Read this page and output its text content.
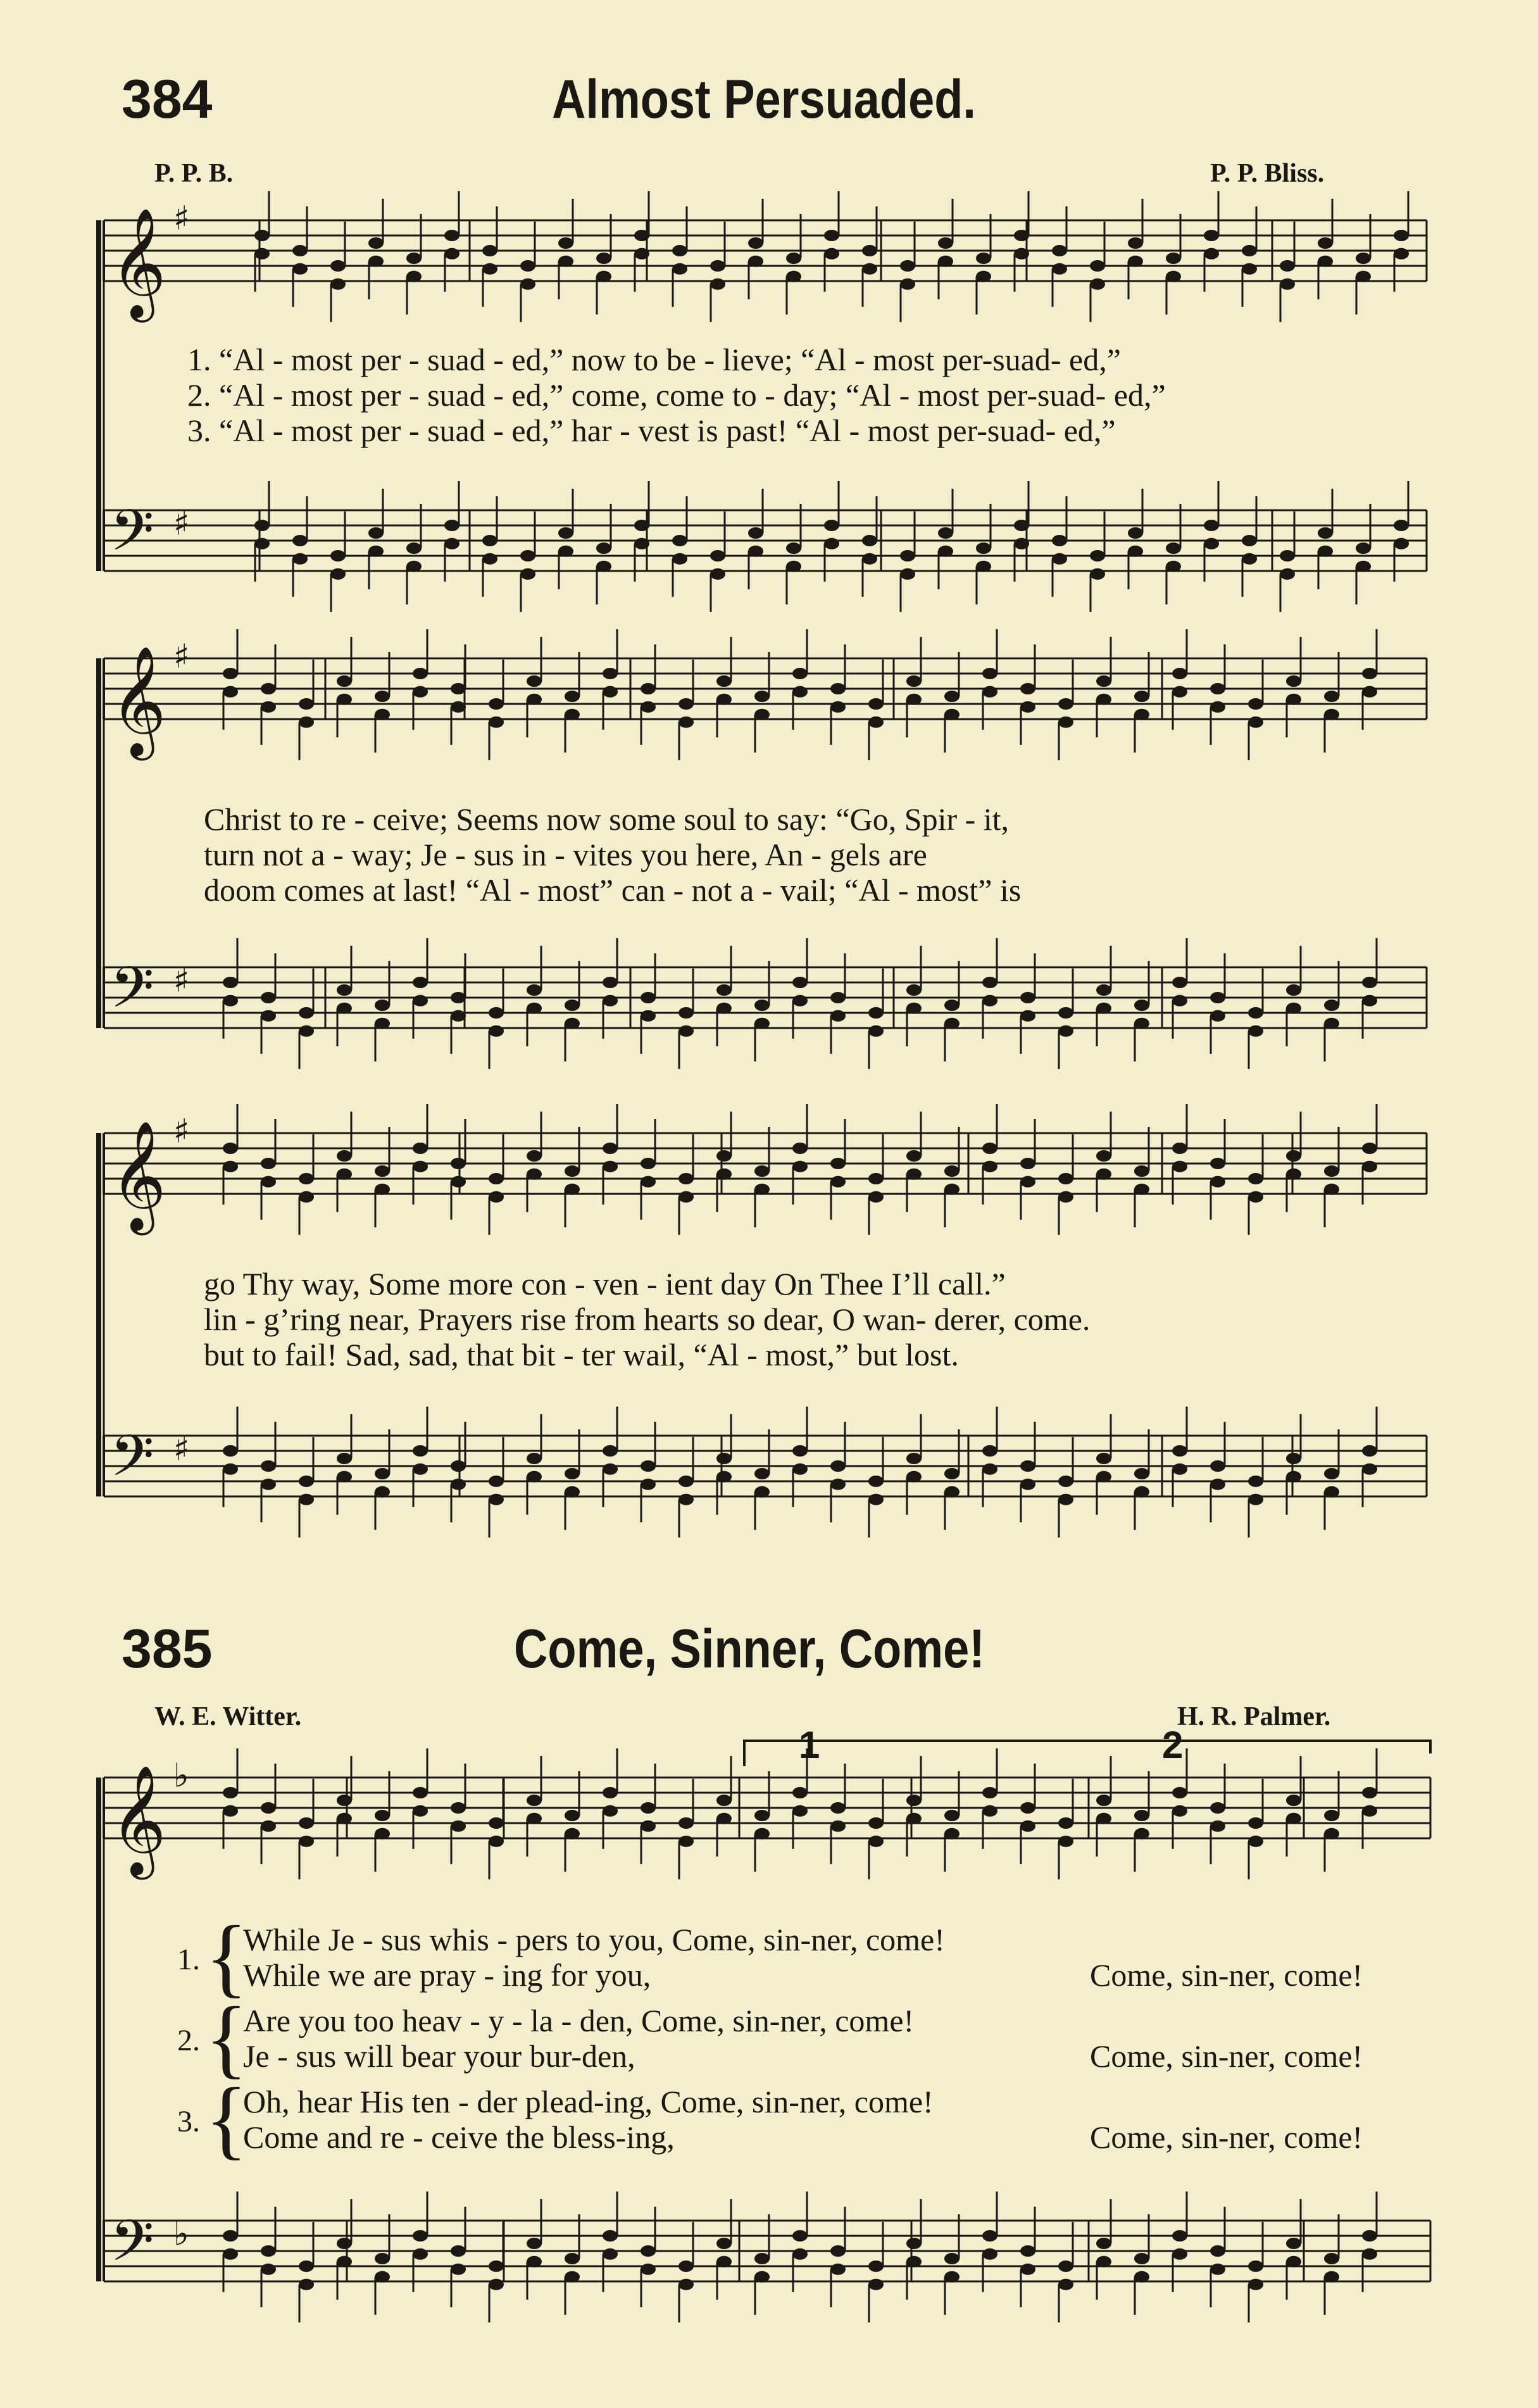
384	Almost Persuaded.
P. P. B.	P. P. Bliss.
𝄞 ♯
𝄢 ♯
𝄞 ♯
𝄢 ♯
𝄞 ♯
𝄢 ♯
𝄞 ♭
𝄢 ♭
1. “Al - most per - suad - ed,” now to be - lieve; “Al - most per-suad- ed,”
2. “Al - most per - suad - ed,” come, come to - day; “Al - most per-suad- ed,”
3. “Al - most per - suad - ed,” har - vest is past! “Al - most per-suad- ed,”
Christ to re - ceive; Seems now some soul to say: “Go, Spir - it,
turn not a - way; Je - sus in - vites you here, An - gels are
doom comes at last! “Al - most” can - not a - vail; “Al - most” is
go Thy way, Some more con - ven - ient day On Thee I’ll call.”
lin - g’ring near, Prayers rise from hearts so dear, O wan- derer, come.
but to fail! Sad, sad, that bit - ter wail, “Al - most,” but lost.
385	Come, Sinner, Come!
W. E. Witter.	H. R. Palmer.
1	2
1. {
While Je - sus whis - pers to you, Come, sin-ner, come!
While we are pray - ing for you,	Come, sin-ner, come!
2. {
Are you too heav - y - la - den, Come, sin-ner, come!
Je - sus will bear your bur-den,	Come, sin-ner, come!
3. {
Oh, hear His ten - der plead-ing, Come, sin-ner, come!
Come and re - ceive the bless-ing,	Come, sin-ner, come!
